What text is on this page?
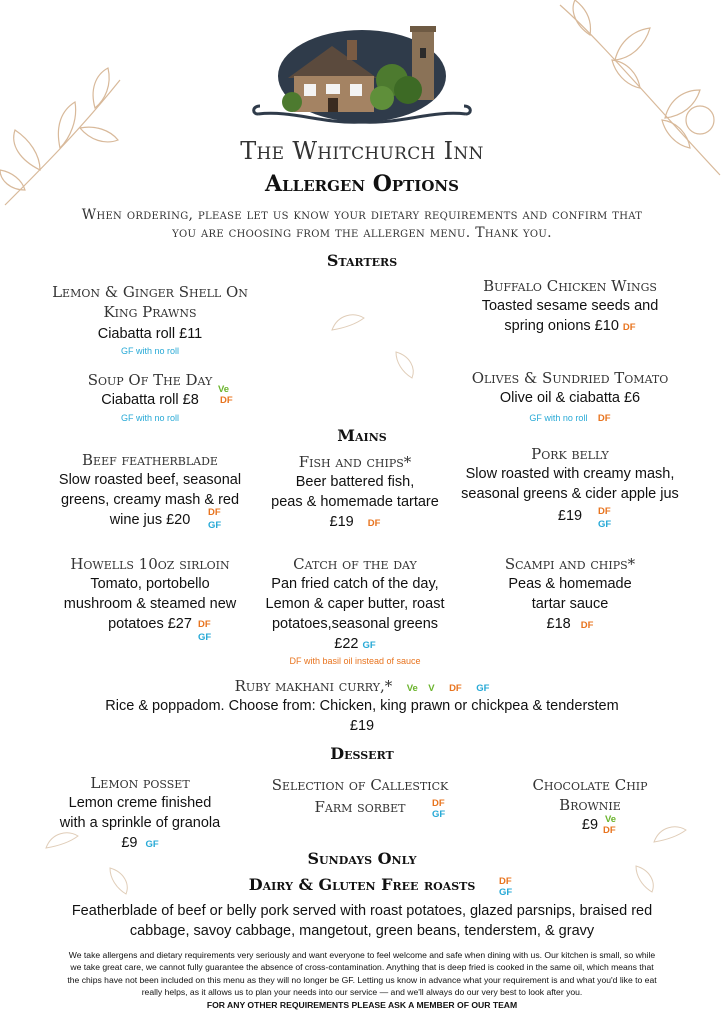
The Whitchurch Inn
Allergen Options
When ordering, please let us know your dietary requirements and confirm that
you are choosing from the allergen menu. Thank you.
Starters
Lemon & Ginger Shell On
King Prawns
Ciabatta roll £11
GF with no roll
Buffalo Chicken Wings
Toasted sesame seeds and
spring onions £10 DF
Soup Of The Day
Ciabatta roll £8
GF with no roll
Ve
DF
Olives & Sundried Tomato
Olive oil & ciabatta £6
GF with no roll DF
Mains
Beef featherblade
Slow roasted beef, seasonal
greens, creamy mash & red
wine jus £20	DF
GF
Fish and chips*
Beer battered fish,
peas & homemade tartare
£19 DF
Pork belly
Slow roasted with creamy mash,
seasonal greens & cider apple jus
£19	DF
GF
Howells 10oz sirloin
Tomato, portobello
mushroom & steamed new
potatoes £27 DF
GF
Catch of the day
Pan fried catch of the day,
Lemon & caper butter, roast
potatoes,seasonal greens
£22 GF
DF with basil oil instead of sauce
Scampi and chips*
Peas & homemade
tartar sauce
£18 DF
Ruby makhani curry,* Ve V DF GF
Rice & poppadom. Choose from: Chicken, king prawn or chickpea & tenderstem
£19
Dessert
Lemon posset
Lemon creme finished
with a sprinkle of granola
£9 GF
Selection of Callestick
Farm sorbet	DF
GF
Chocolate Chip
Brownie
£9 Ve
DF
Sundays Only
Dairy & Gluten Free roasts	DF
GF
Featherblade of beef or belly pork served with roast potatoes, glazed parsnips, braised red
cabbage, savoy cabbage, mangetout, green beans, tenderstem, & gravy
We take allergens and dietary requirements very seriously and want everyone to feel welcome and safe when dining with us. Our kitchen is small, so while
we take great care, we cannot fully guarantee the absence of cross-contamination. Anything that is deep fried is cooked in the same oil, which means that
the chips have not been included on this menu as they will no longer be GF. Letting us know in advance what your requirement is and what you'd like to eat
really helps, as it allows us to plan your needs into our service — and we'll always do our very best to look after you.
FOR ANY OTHER REQUIREMENTS PLEASE ASK A MEMBER OF OUR TEAM
